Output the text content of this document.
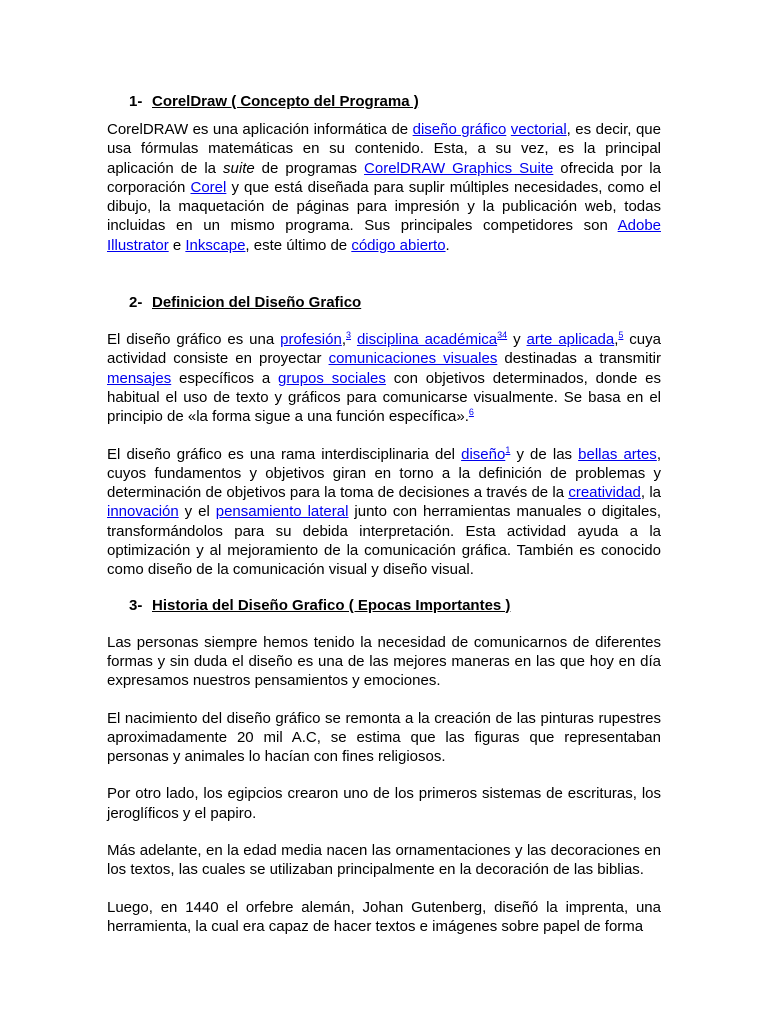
1- CorelDraw ( Concepto del Programa )

CorelDRAW es una aplicación informática de diseño gráfico vectorial, es decir, que usa fórmulas matemáticas en su contenido. Esta, a su vez, es la principal aplicación de la suite de programas CorelDRAW Graphics Suite ofrecida por la corporación Corel y que está diseñada para suplir múltiples necesidades, como el dibujo, la maquetación de páginas para impresión y la publicación web, todas incluidas en un mismo programa. Sus principales competidores son Adobe Illustrator e Inkscape, este último de código abierto.

2- Definicion del Diseño Grafico

El diseño gráfico es una profesión,$^3$ disciplina académica$^{34}$ y arte aplicada,$^5$ cuya actividad consiste en proyectar comunicaciones visuales destinadas a transmitir mensajes específicos a grupos sociales con objetivos determinados, donde es habitual el uso de texto y gráficos para comunicarse visualmente. Se basa en el principio de «la forma sigue a una función específica».$^6$

El diseño gráfico es una rama interdisciplinaria del diseño$^1$ y de las bellas artes, cuyos fundamentos y objetivos giran en torno a la definición de problemas y determinación de objetivos para la toma de decisiones a través de la creatividad, la innovación y el pensamiento lateral junto con herramientas manuales o digitales, transformándolos para su debida interpretación. Esta actividad ayuda a la optimización y al mejoramiento de la comunicación gráfica. También es conocido como diseño de la comunicación visual y diseño visual.

3- Historia del Diseño Grafico ( Epocas Importantes )

Las personas siempre hemos tenido la necesidad de comunicarnos de diferentes formas y sin duda el diseño es una de las mejores maneras en las que hoy en día expresamos nuestros pensamientos y emociones.

El nacimiento del diseño gráfico se remonta a la creación de las pinturas rupestres aproximadamente 20 mil A.C, se estima que las figuras que representaban personas y animales lo hacían con fines religiosos.

Por otro lado, los egipcios crearon uno de los primeros sistemas de escrituras, los jeroglíficos y el papiro.

Más adelante, en la edad media nacen las ornamentaciones y las decoraciones en los textos, las cuales se utilizaban principalmente en la decoración de las biblias.

Luego, en 1440 el orfebre alemán, Johan Gutenberg, diseñó la imprenta, una herramienta, la cual era capaz de hacer textos e imágenes sobre papel de forma
